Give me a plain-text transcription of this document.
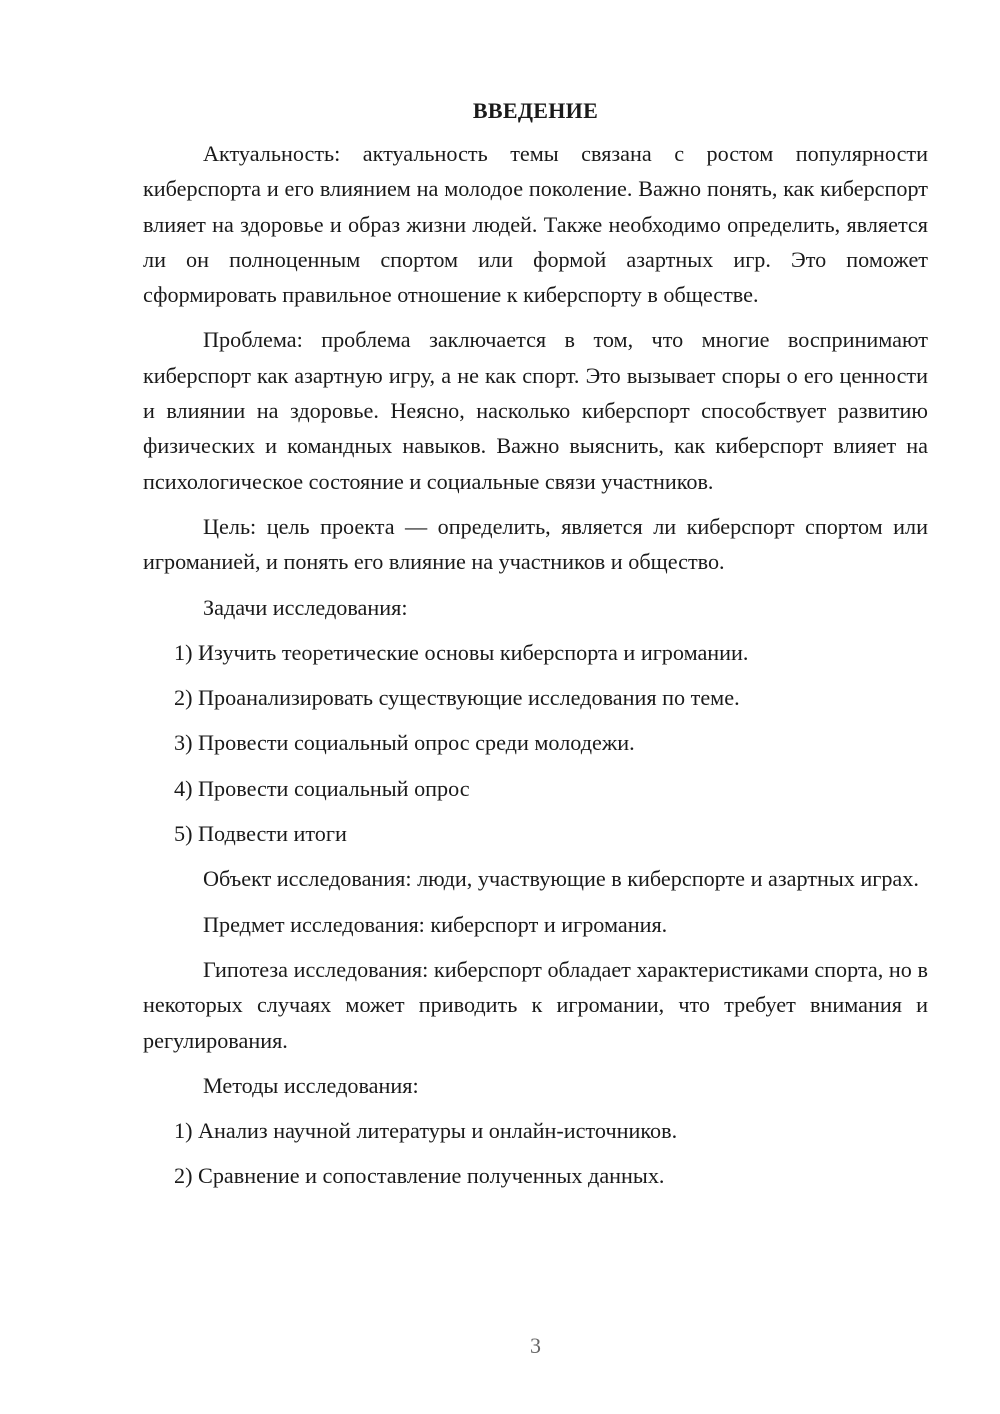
ВВЕДЕНИЕ

Актуальность: актуальность темы связана с ростом популярности киберспорта и его влиянием на молодое поколение. Важно понять, как киберспорт влияет на здоровье и образ жизни людей. Также необходимо определить, является ли он полноценным спортом или формой азартных игр. Это поможет сформировать правильное отношение к киберспорту в обществе.

Проблема: проблема заключается в том, что многие воспринимают киберспорт как азартную игру, а не как спорт. Это вызывает споры о его ценности и влиянии на здоровье. Неясно, насколько киберспорт способствует развитию физических и командных навыков. Важно выяснить, как киберспорт влияет на психологическое состояние и социальные связи участников.

Цель: цель проекта — определить, является ли киберспорт спортом или игроманией, и понять его влияние на участников и общество.

Задачи исследования:

1) Изучить теоретические основы киберспорта и игромании.
2) Проанализировать существующие исследования по теме.
3) Провести социальный опрос среди молодежи.
4) Провести социальный опрос
5) Подвести итоги

Объект исследования: люди, участвующие в киберспорте и азартных играх.

Предмет исследования: киберспорт и игромания.

Гипотеза исследования: киберспорт обладает характеристиками спорта, но в некоторых случаях может приводить к игромании, что требует внимания и регулирования.

Методы исследования:

1) Анализ научной литературы и онлайн-источников.
2) Сравнение и сопоставление полученных данных.
3
